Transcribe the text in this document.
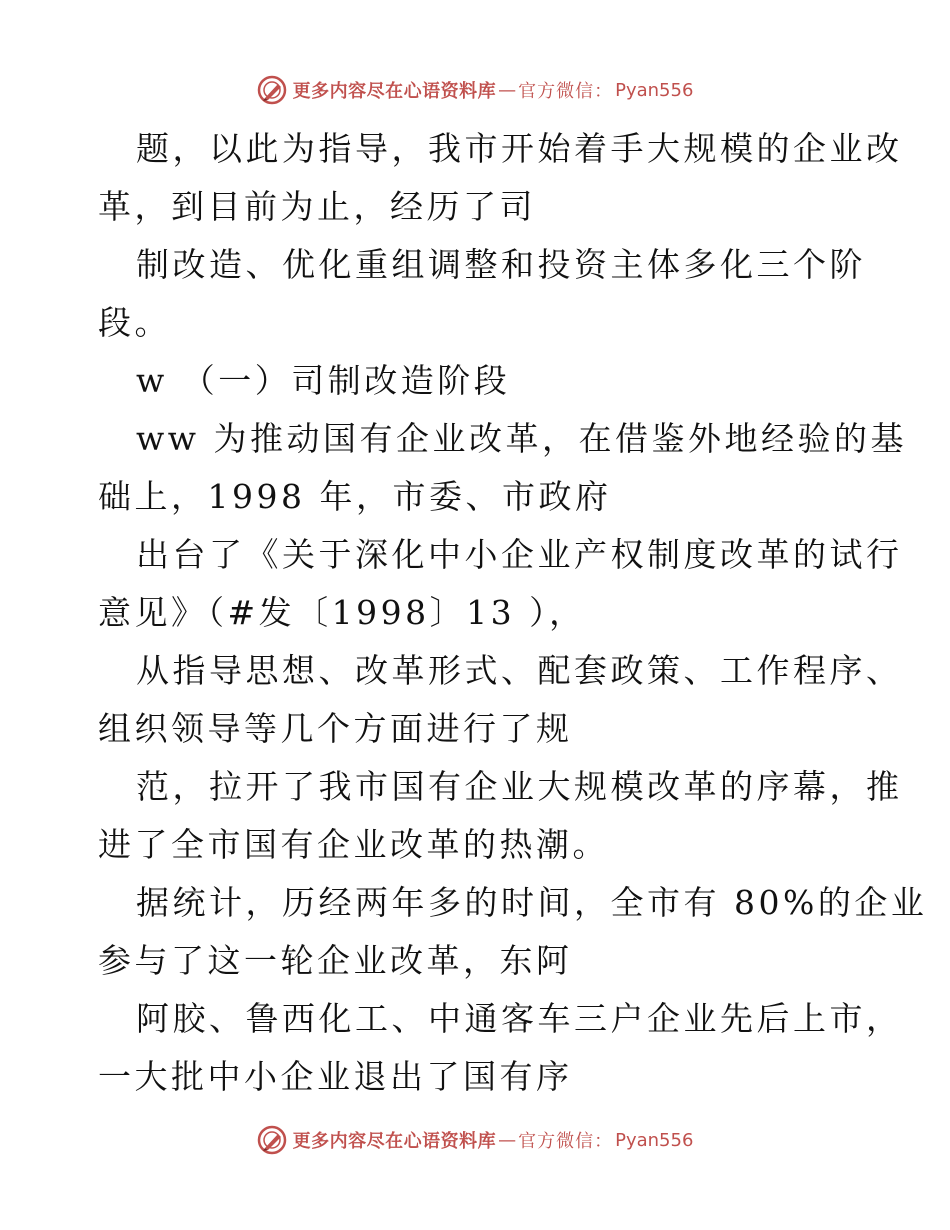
更多内容尽在心语资料库 — 官方微信： Pyan556
题，以此为指导，我市开始着手大规模的企业改
革，到目前为止，经历了司
制改造、优化重组调整和投资主体多化三个阶
段。
w （一）司制改造阶段
ww 为推动国有企业改革，在借鉴外地经验的基
础上，1998 年，市委、市政府
出台了《关于深化中小企业产权制度改革的试行
意见》（#发〔1998〕13 ），
从指导思想、改革形式、配套政策、工作程序、
组织领导等几个方面进行了规
范，拉开了我市国有企业大规模改革的序幕，推
进了全市国有企业改革的热潮。
据统计，历经两年多的时间，全市有 80%的企业
参与了这一轮企业改革，东阿
阿胶、鲁西化工、中通客车三户企业先后上市，
一大批中小企业退出了国有序
更多内容尽在心语资料库 — 官方微信： Pyan556
